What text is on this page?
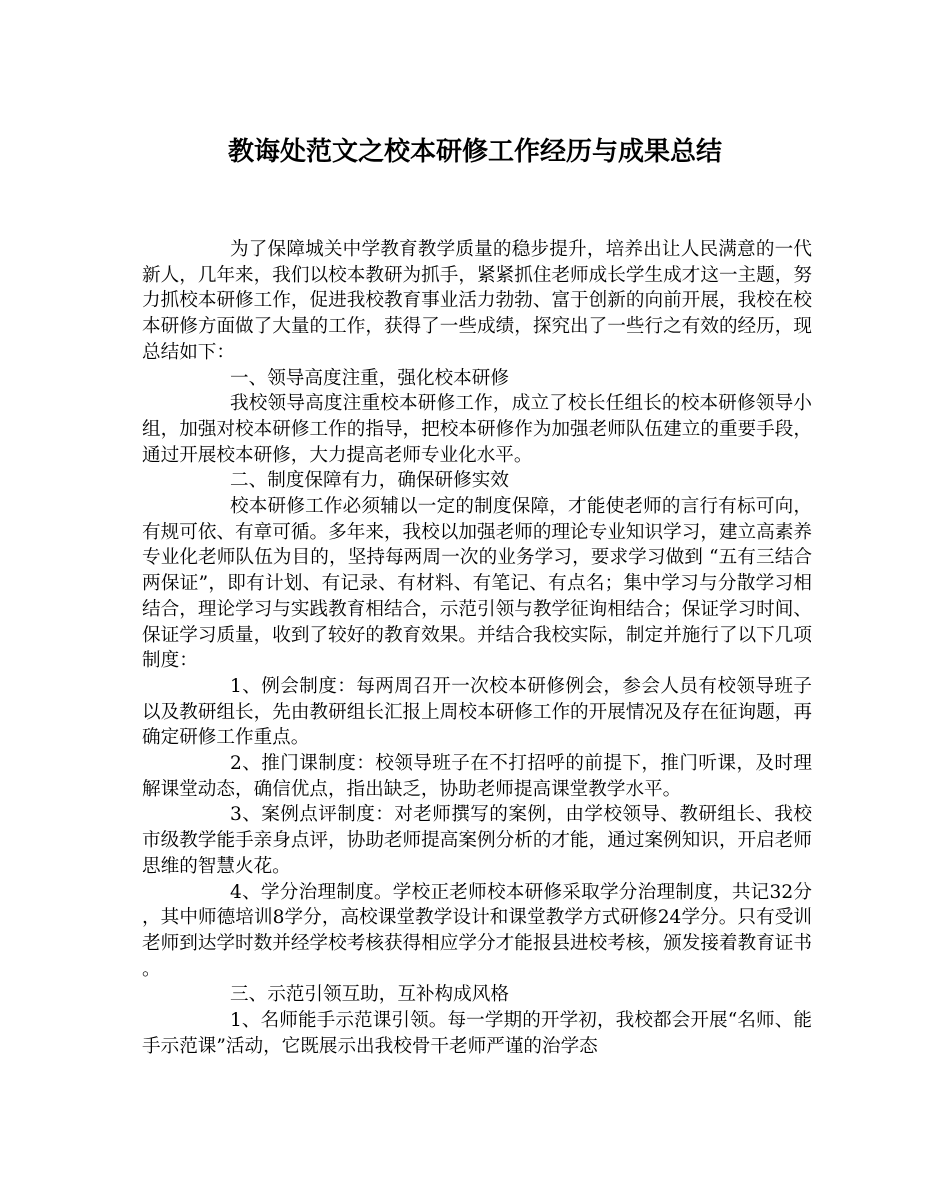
教诲处范文之校本研修工作经历与成果总结

为了保障城关中学教育教学质量的稳步提升，培养出让人民满意的一代新人，几年来，我们以校本教研为抓手，紧紧抓住老师成长学生成才这一主题，努力抓校本研修工作，促进我校教育事业活力勃勃、富于创新的向前开展，我校在校本研修方面做了大量的工作，获得了一些成绩，探究出了一些行之有效的经历，现总结如下：

一、领导高度注重，强化校本研修

我校领导高度注重校本研修工作，成立了校长任组长的校本研修领导小组，加强对校本研修工作的指导，把校本研修作为加强老师队伍建立的重要手段，通过开展校本研修，大力提高老师专业化水平。

二、制度保障有力，确保研修实效

校本研修工作必须辅以一定的制度保障，才能使老师的言行有标可向，有规可依、有章可循。多年来，我校以加强老师的理论专业知识学习，建立高素养专业化老师队伍为目的，坚持每两周一次的业务学习，要求学习做到 “五有三结合两保证”，即有计划、有记录、有材料、有笔记、有点名；集中学习与分散学习相结合，理论学习与实践教育相结合，示范引领与教学征询相结合；保证学习时间、保证学习质量，收到了较好的教育效果。并结合我校实际，制定并施行了以下几项制度：

1、例会制度：每两周召开一次校本研修例会，参会人员有校领导班子以及教研组长，先由教研组长汇报上周校本研修工作的开展情况及存在征询题，再确定研修工作重点。

2、推门课制度：校领导班子在不打招呼的前提下，推门听课，及时理解课堂动态，确信优点，指出缺乏，协助老师提高课堂教学水平。

3、案例点评制度：对老师撰写的案例，由学校领导、教研组长、我校市级教学能手亲身点评，协助老师提高案例分析的才能，通过案例知识，开启老师思维的智慧火花。

4、学分治理制度。学校正老师校本研修采取学分治理制度，共记32分，其中师德培训8学分，高校课堂教学设计和课堂教学方式研修24学分。只有受训老师到达学时数并经学校考核获得相应学分才能报县进校考核，颁发接着教育证书。

三、示范引领互助，互补构成风格

1、名师能手示范课引领。每一学期的开学初，我校都会开展“名师、能手示范课”活动，它既展示出我校骨干老师严谨的治学态
